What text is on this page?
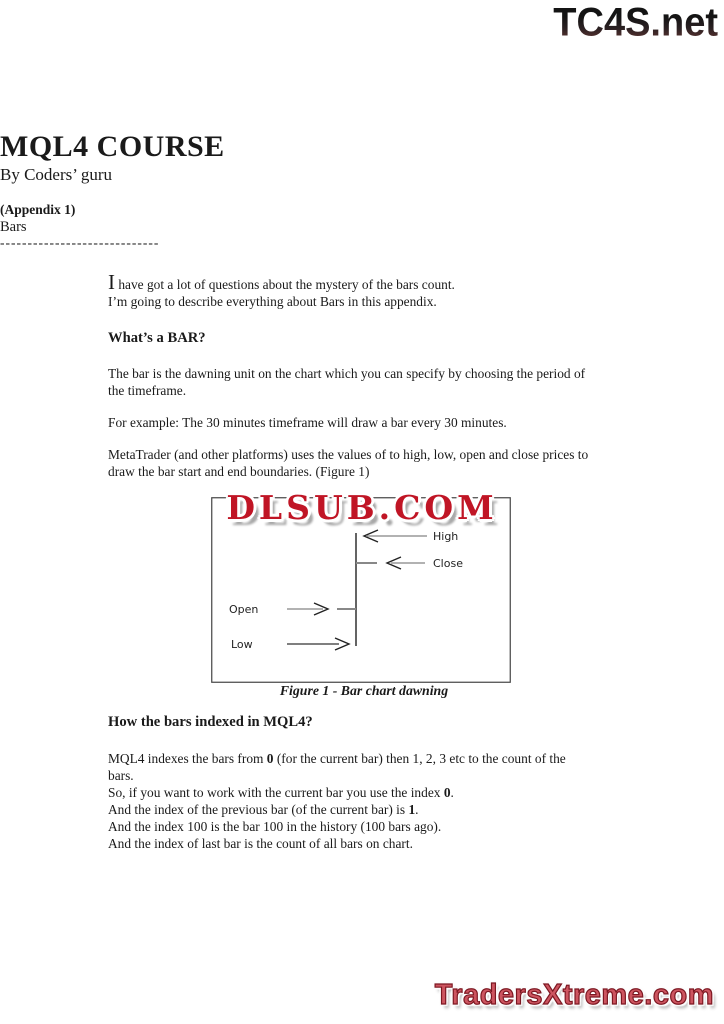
TC4S.net
MQL4 COURSE
By Coders’ guru
(Appendix 1)
Bars
-----------------------------
I have got a lot of questions about the mystery of the bars count.
I’m going to describe everything about Bars in this appendix.
What’s a BAR?
The bar is the dawning unit on the chart which you can specify by choosing the period of
the timeframe.
For example: The 30 minutes timeframe will draw a bar every 30 minutes.
MetaTrader (and other platforms) uses the values of to high, low, open and close prices to
draw the bar start and end boundaries. (Figure 1)
High
Close
Open
Low
DLSUB.COM
Figure 1 - Bar chart dawning
How the bars indexed in MQL4?
MQL4 indexes the bars from 0 (for the current bar) then 1, 2, 3 etc to the count of the
bars.
So, if you want to work with the current bar you use the index 0.
And the index of the previous bar (of the current bar) is 1.
And the index 100 is the bar 100 in the history (100 bars ago).
And the index of last bar is the count of all bars on chart.
TradersXtreme.com
